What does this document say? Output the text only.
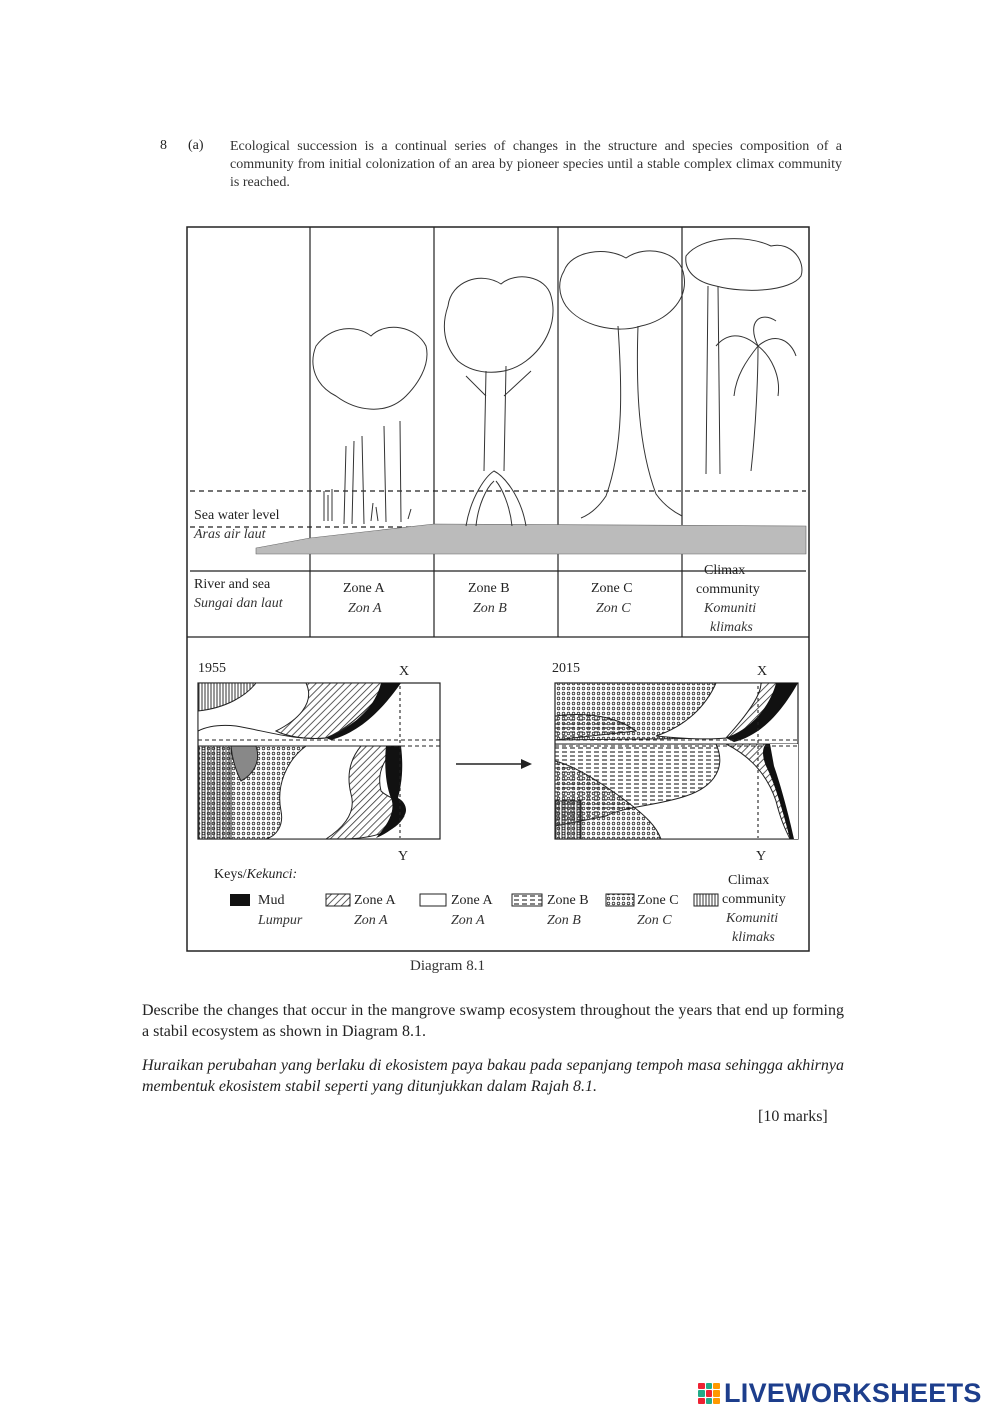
8 (a) Ecological succession is a continual series of changes in the structure and species composition of a community from initial colonization of an area by pioneer species until a stable complex climax community is reached.
Sea water level
Aras air laut
River and sea
Sungai dan laut
Zone A
Zon A
Zone B
Zon B
Zone C
Zon C
Climax community
Komuniti klimaks
1955	X
Y
2015	X
Y
Keys/Kekunci:
Mud
Lumpur
Zone A
Zon A
Zone A
Zon A
Zone B
Zon B
Zone C
Zon C
Climax community
Komuniti klimaks
Diagram 8.1
Describe the changes that occur in the mangrove swamp ecosystem throughout the years that end up forming a stabil ecosystem as shown in Diagram 8.1.
Huraikan perubahan yang berlaku di ekosistem paya bakau pada sepanjang tempoh masa sehingga akhirnya membentuk ekosistem stabil seperti yang ditunjukkan dalam Rajah 8.1.
[10 marks]
LIVEWORKSHEETS
